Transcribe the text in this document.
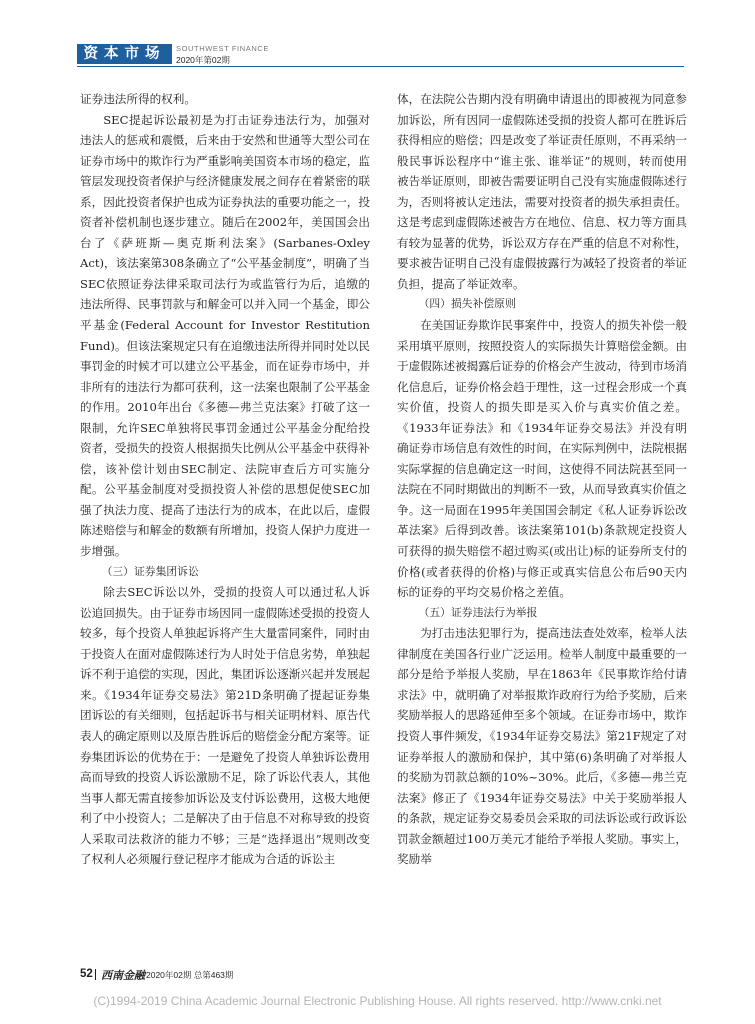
资本市场	SOUTHWEST FINANCE
2020年第02期

证券违法所得的权利。

SEC提起诉讼最初是为打击证券违法行为，加强对违法人的惩戒和震慑，后来由于安然和世通等大型公司在证券市场中的欺诈行为严重影响美国资本市场的稳定，监管层发现投资者保护与经济健康发展之间存在着紧密的联系，因此投资者保护也成为证券执法的重要功能之一，投资者补偿机制也逐步建立。随后在2002年，美国国会出台了《萨班斯—奥克斯利法案》(Sarbanes-Oxley Act)，该法案第308条确立了“公平基金制度”，明确了当SEC依照证券法律采取司法行为或监管行为后，追缴的违法所得、民事罚款与和解金可以并入同一个基金，即公平基金(Federal Account for Investor Restitution Fund)。但该法案规定只有在追缴违法所得并同时处以民事罚金的时候才可以建立公平基金，而在证券市场中，并非所有的违法行为都可获利，这一法案也限制了公平基金的作用。2010年出台《多德—弗兰克法案》打破了这一限制，允许SEC单独将民事罚金通过公平基金分配给投资者，受损失的投资人根据损失比例从公平基金中获得补偿，该补偿计划由SEC制定、法院审查后方可实施分配。公平基金制度对受损投资人补偿的思想促使SEC加强了执法力度、提高了违法行为的成本，在此以后，虚假陈述赔偿与和解金的数额有所增加，投资人保护力度进一步增强。

（三）证券集团诉讼

除去SEC诉讼以外，受损的投资人可以通过私人诉讼追回损失。由于证券市场因同一虚假陈述受损的投资人较多，每个投资人单独起诉将产生大量雷同案件，同时由于投资人在面对虚假陈述行为人时处于信息劣势，单独起诉不利于追偿的实现，因此，集团诉讼逐渐兴起并发展起来。《1934年证券交易法》第21D条明确了提起证券集团诉讼的有关细则，包括起诉书与相关证明材料、原告代表人的确定原则以及原告胜诉后的赔偿金分配方案等。证券集团诉讼的优势在于：一是避免了投资人单独诉讼费用高而导致的投资人诉讼激励不足，除了诉讼代表人，其他当事人都无需直接参加诉讼及支付诉讼费用，这极大地便利了中小投资人；二是解决了由于信息不对称导致的投资人采取司法救济的能力不够；三是“选择退出”规则改变了权利人必须履行登记程序才能成为合适的诉讼主

体，在法院公告期内没有明确申请退出的即被视为同意参加诉讼，所有因同一虚假陈述受损的投资人都可在胜诉后获得相应的赔偿；四是改变了举证责任原则，不再采纳一般民事诉讼程序中“谁主张、谁举证”的规则，转而使用被告举证原则，即被告需要证明自己没有实施虚假陈述行为，否则将被认定违法，需要对投资者的损失承担责任。这是考虑到虚假陈述被告方在地位、信息、权力等方面具有较为显著的优势，诉讼双方存在严重的信息不对称性，要求被告证明自己没有虚假披露行为减轻了投资者的举证负担，提高了举证效率。

（四）损失补偿原则

在美国证券欺诈民事案件中，投资人的损失补偿一般采用填平原则，按照投资人的实际损失计算赔偿金额。由于虚假陈述被揭露后证券的价格会产生波动，待到市场消化信息后，证券价格会趋于理性，这一过程会形成一个真实价值，投资人的损失即是买入价与真实价值之差。《1933年证券法》和《1934年证券交易法》并没有明确证券市场信息有效性的时间，在实际判例中，法院根据实际掌握的信息确定这一时间，这使得不同法院甚至同一法院在不同时期做出的判断不一致，从而导致真实价值之争。这一局面在1995年美国国会制定《私人证券诉讼改革法案》后得到改善。该法案第101(b)条款规定投资人可获得的损失赔偿不超过购买(或出让)标的证券所支付的价格(或者获得的价格)与修正或真实信息公布后90天内标的证券的平均交易价格之差值。

（五）证券违法行为举报

为打击违法犯罪行为，提高违法查处效率，检举人法律制度在美国各行业广泛运用。检举人制度中最重要的一部分是给予举报人奖励，早在1863年《民事欺诈给付请求法》中，就明确了对举报欺诈政府行为给予奖励，后来奖励举报人的思路延伸至多个领域。在证券市场中，欺诈投资人事件频发，《1934年证券交易法》第21F规定了对证券举报人的激励和保护，其中第(6)条明确了对举报人的奖励为罚款总额的10%~30%。此后，《多德—弗兰克法案》修正了《1934年证券交易法》中关于奖励举报人的条款，规定证券交易委员会采取的司法诉讼或行政诉讼罚款金额超过100万美元才能给予举报人奖励。事实上，奖励举

52 西南金融 2020年02期 总第463期
(C)1994-2019 China Academic Journal Electronic Publishing House. All rights reserved. http://www.cnki.net
